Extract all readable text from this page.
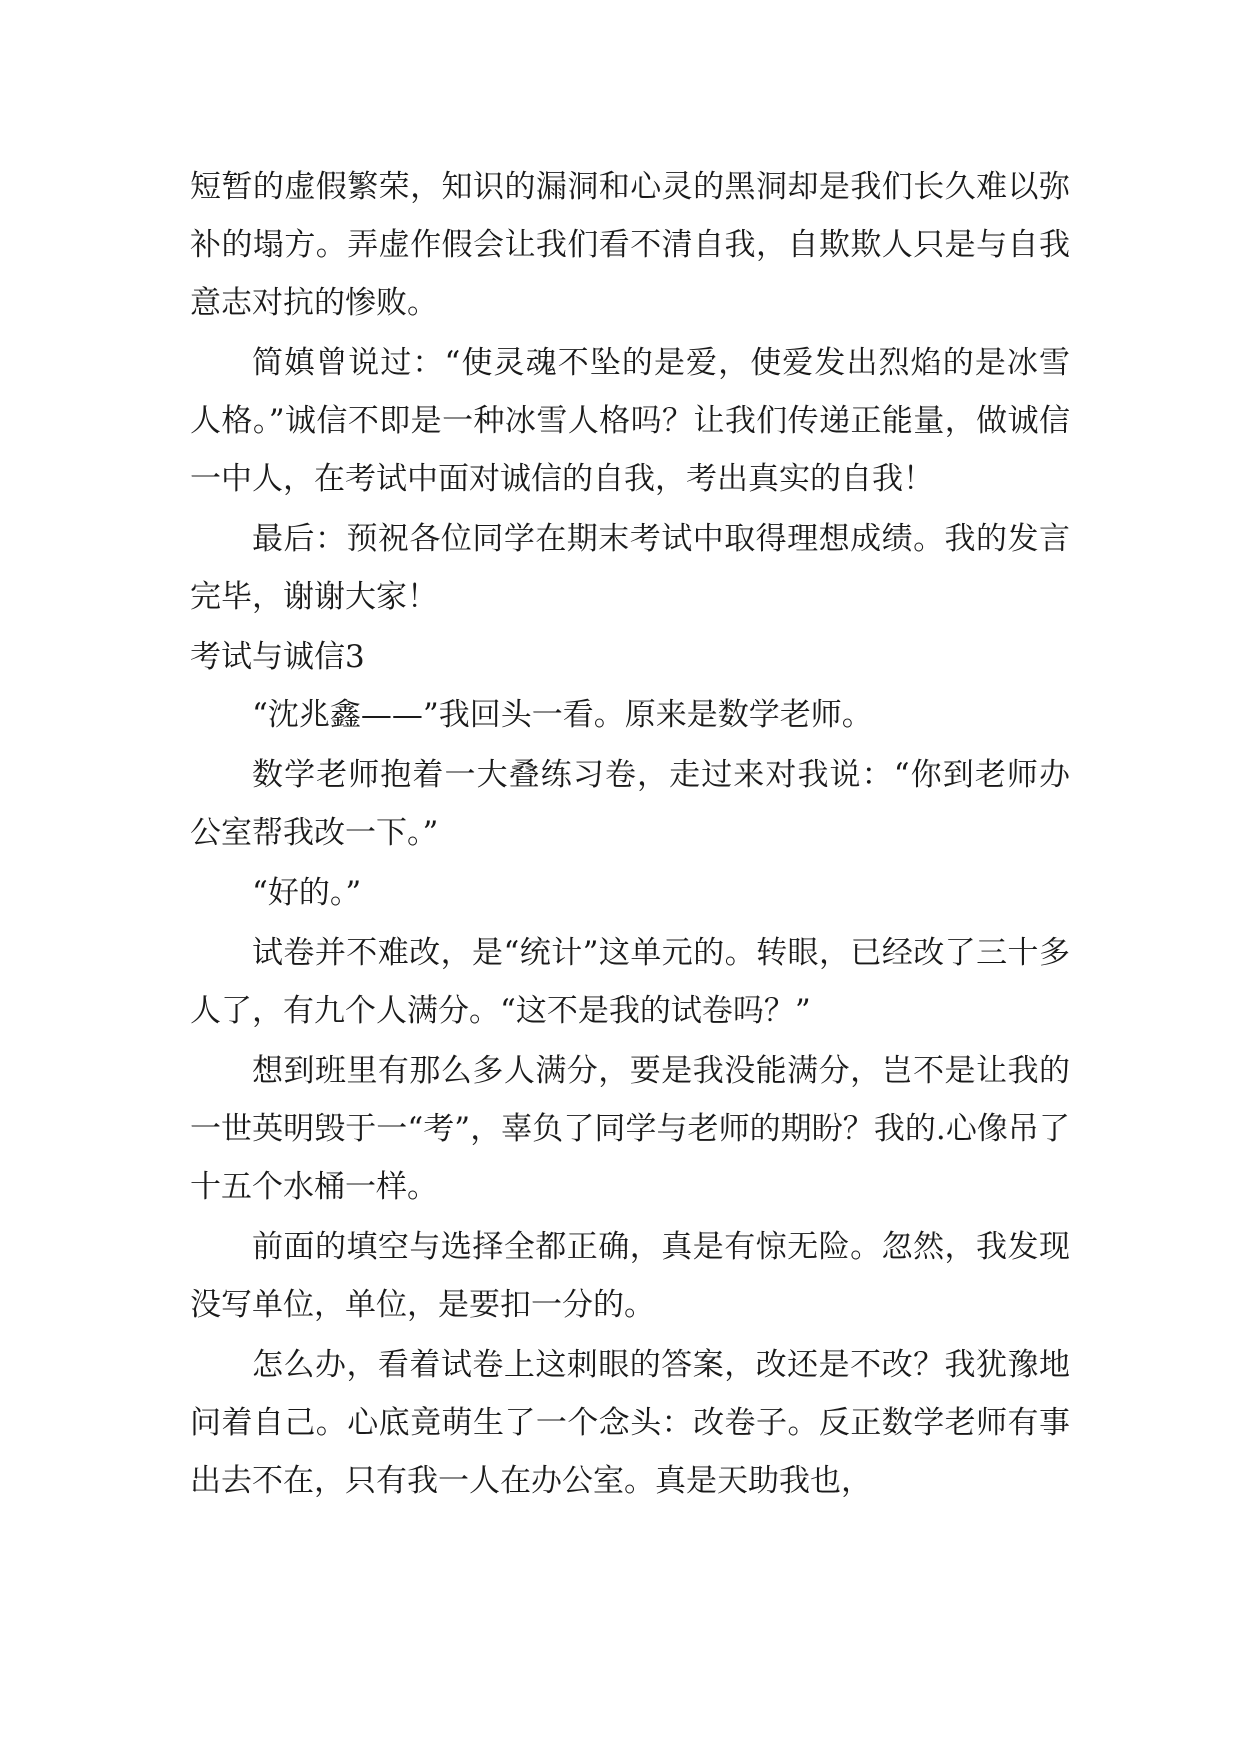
短暂的虚假繁荣，知识的漏洞和心灵的黑洞却是我们长久难以弥补的塌方。弄虚作假会让我们看不清自我，自欺欺人只是与自我意志对抗的惨败。

简嫃曾说过：“使灵魂不坠的是爱，使爱发出烈焰的是冰雪人格。”诚信不即是一种冰雪人格吗？让我们传递正能量，做诚信一中人，在考试中面对诚信的自我，考出真实的自我！

最后：预祝各位同学在期末考试中取得理想成绩。我的发言完毕，谢谢大家！

考试与诚信3

“沈兆鑫——”我回头一看。原来是数学老师。

数学老师抱着一大叠练习卷，走过来对我说：“你到老师办公室帮我改一下。”

“好的。”

试卷并不难改，是“统计”这单元的。转眼，已经改了三十多人了，有九个人满分。“这不是我的试卷吗？”

想到班里有那么多人满分，要是我没能满分，岂不是让我的一世英明毁于一“考”，辜负了同学与老师的期盼？我的.心像吊了十五个水桶一样。

前面的填空与选择全都正确，真是有惊无险。忽然，我发现没写单位，单位，是要扣一分的。

怎么办，看着试卷上这刺眼的答案，改还是不改？我犹豫地问着自己。心底竟萌生了一个念头：改卷子。反正数学老师有事出去不在，只有我一人在办公室。真是天助我也，
